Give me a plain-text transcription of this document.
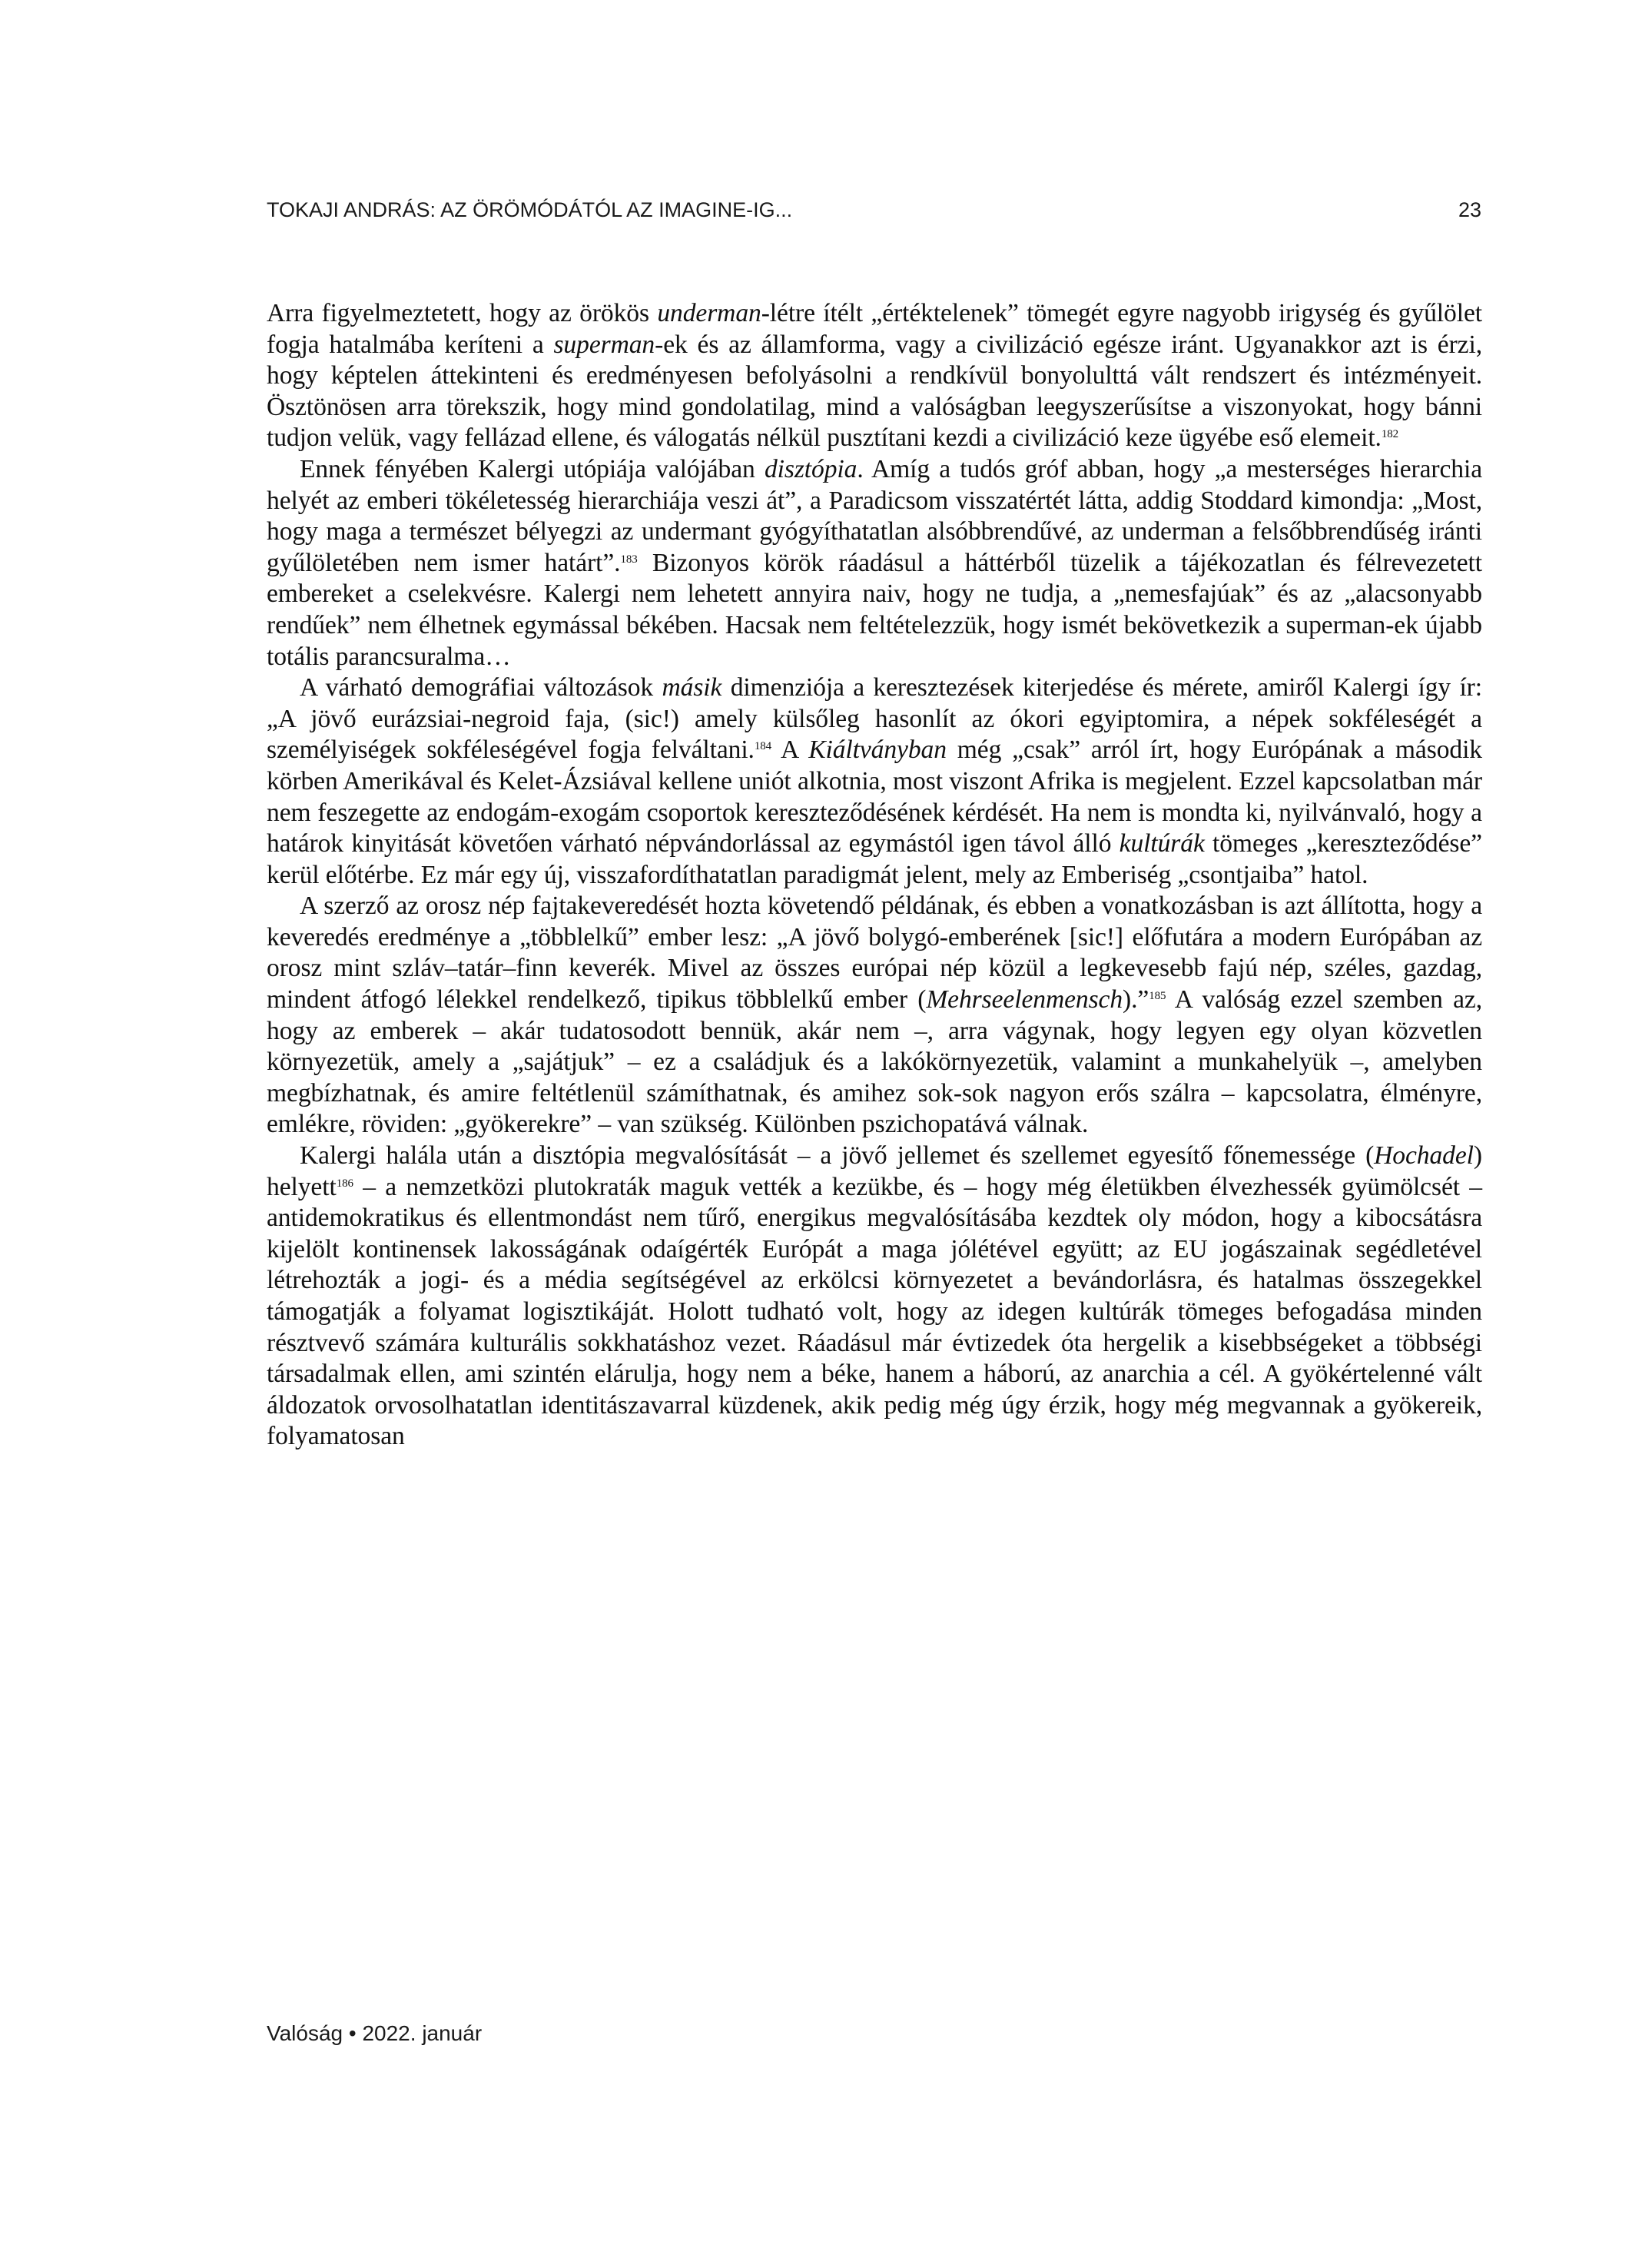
TOKAJI ANDRÁS: AZ ÖRÖMÓDÁTÓL AZ IMAGINE-IG...	23

Arra figyelmeztetett, hogy az örökös underman-létre ítélt „értéktelenek” tömegét egyre nagyobb irigység és gyűlölet fogja hatalmába keríteni a superman-ek és az államforma, vagy a civilizáció egésze iránt. Ugyanakkor azt is érzi, hogy képtelen áttekinteni és eredményesen befolyásolni a rendkívül bonyolulttá vált rendszert és intézményeit. Ösztönösen arra törekszik, hogy mind gondolatilag, mind a valóságban leegyszerűsítse a viszonyokat, hogy bánni tudjon velük, vagy fellázad ellene, és válogatás nélkül pusztítani kezdi a civilizáció keze ügyébe eső elemeit.$^{182}$

Ennek fényében Kalergi utópiája valójában disztópia. Amíg a tudós gróf abban, hogy „a mesterséges hierarchia helyét az emberi tökéletesség hierarchiája veszi át”, a Paradicsom visszatértét látta, addig Stoddard kimondja: „Most, hogy maga a természet bélyegzi az undermant gyógyíthatatlan alsóbbrendűvé, az underman a felsőbbrendűség iránti gyűlöletében nem ismer határt”.$^{183}$ Bizonyos körök ráadásul a háttérből tüzelik a tájékozatlan és félrevezetett embereket a cselekvésre. Kalergi nem lehetett annyira naiv, hogy ne tudja, a „nemesfajúak” és az „alacsonyabb rendűek” nem élhetnek egymással békében. Hacsak nem feltételezzük, hogy ismét bekövetkezik a superman-ek újabb totális parancsuralma…

A várható demográfiai változások másik dimenziója a keresztezések kiterjedése és mérete, amiről Kalergi így ír: „A jövő eurázsiai-negroid faja, (sic!) amely külsőleg hasonlít az ókori egyiptomira, a népek sokféleségét a személyiségek sokféleségével fogja felváltani.$^{184}$ A Kiáltványban még „csak” arról írt, hogy Európának a második körben Amerikával és Kelet-Ázsiával kellene uniót alkotnia, most viszont Afrika is megjelent. Ezzel kapcsolatban már nem feszegette az endogám-exogám csoportok kereszteződésének kérdését. Ha nem is mondta ki, nyilvánvaló, hogy a határok kinyitását követően várható népvándorlással az egymástól igen távol álló kultúrák tömeges „kereszteződése” kerül előtérbe. Ez már egy új, visszafordíthatatlan paradigmát jelent, mely az Emberiség „csontjaiba” hatol.

A szerző az orosz nép fajtakeveredését hozta követendő példának, és ebben a vonatkozásban is azt állította, hogy a keveredés eredménye a „többlelkű” ember lesz: „A jövő bolygó-emberének [sic!] előfutára a modern Európában az orosz mint szláv–tatár–finn keverék. Mivel az összes európai nép közül a legkevesebb fajú nép, széles, gazdag, mindent átfogó lélekkel rendelkező, tipikus többlelkű ember (Mehrseelenmensch).”$^{185}$ A valóság ezzel szemben az, hogy az emberek – akár tudatosodott bennük, akár nem –, arra vágynak, hogy legyen egy olyan közvetlen környezetük, amely a „sajátjuk” – ez a családjuk és a lakókörnyezetük, valamint a munkahelyük –, amelyben megbízhatnak, és amire feltétlenül számíthatnak, és amihez sok-sok nagyon erős szálra – kapcsolatra, élményre, emlékre, röviden: „gyökerekre” – van szükség. Különben pszichopatává válnak.

Kalergi halála után a disztópia megvalósítását – a jövő jellemet és szellemet egyesítő főnemessége (Hochadel) helyett$^{186}$ – a nemzetközi plutokraták maguk vették a kezükbe, és – hogy még életükben élvezhessék gyümölcsét – antidemokratikus és ellentmondást nem tűrő, energikus megvalósításába kezdtek oly módon, hogy a kibocsátásra kijelölt kontinensek lakosságának odaígérték Európát a maga jólétével együtt; az EU jogászainak segédletével létrehozták a jogi- és a média segítségével az erkölcsi környezetet a bevándorlásra, és hatalmas összegekkel támogatják a folyamat logisztikáját. Holott tudható volt, hogy az idegen kultúrák tömeges befogadása minden résztvevő számára kulturális sokkhatáshoz vezet. Ráadásul már évtizedek óta hergelik a kisebbségeket a többségi társadalmak ellen, ami szintén elárulja, hogy nem a béke, hanem a háború, az anarchia a cél. A gyökértelenné vált áldozatok orvosolhatatlan identitászavarral küzdenek, akik pedig még úgy érzik, hogy még megvannak a gyökereik, folyamatosan

Valóság • 2022. január
